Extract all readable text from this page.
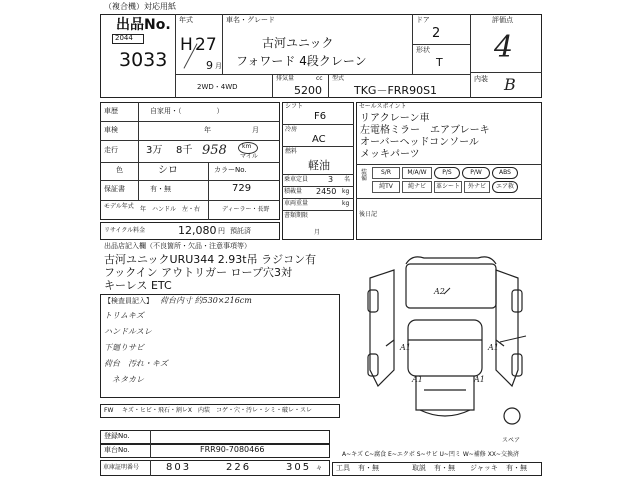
（複合機）対応用紙
出品No.
2044
3033
年式
H 27
9 月
車名・グレード
古河ユニック
フォワード 4段クレーン
ドア
2
形状
T
評価点
4
内装 B
2WD・4WD
排気量	cc
5200
型式
TKG－FRR90S1
車歴	自家用・（　　　　　）
車検	年	月
走行	3万 8千 958	km
マイル
色	シロ	カラーNo.
保証書	有・無	729
モデル年式 年　ハンドル　左・右	ディーラー・長野
リサイクル料金	12,080 円 預託済
シフト
F6
冷房
AC
燃料
軽油
乗車定員 3 名
積載量 2450 kg
車両重量	kg
書類期限
月
セールスポイント
リアクレーン車
左電格ミラー　エアブレーキ
オーバーヘッドコンソール
メッキパーツ
装備
S/R	M/A/W	P/S	P/W	ABS
純TV	純ナビ	革シート	外ナビ	エア救
後日記
出品店記入欄（不良箇所・欠品・注意事項等）
古河ユニックURU344 2.93t吊 ラジコン有
フックイン アウトリガー ロープ穴3対
キーレス ETC
【検査員記入】 荷台内寸 約530×216cm
トリムキズ
ハンドルスレ
下廻りサビ
荷台　汚れ・キズ
ネタカレ
A2
A1	A1
A1	A1
スペア
FW キズ・ヒビ・飛石・割レX　内装　コゲ・穴・汚レ・シミ・破レ・スレ
登録No.
車台No.	FRR90-7080466
車庫証明番号	803	226	305 々
A~キズ C~腐食 E~エクボ S~サビ U~凹ミ W~補修 XX~交換済
工具 有・無	取説 有・無 ジャッキ 有・無
